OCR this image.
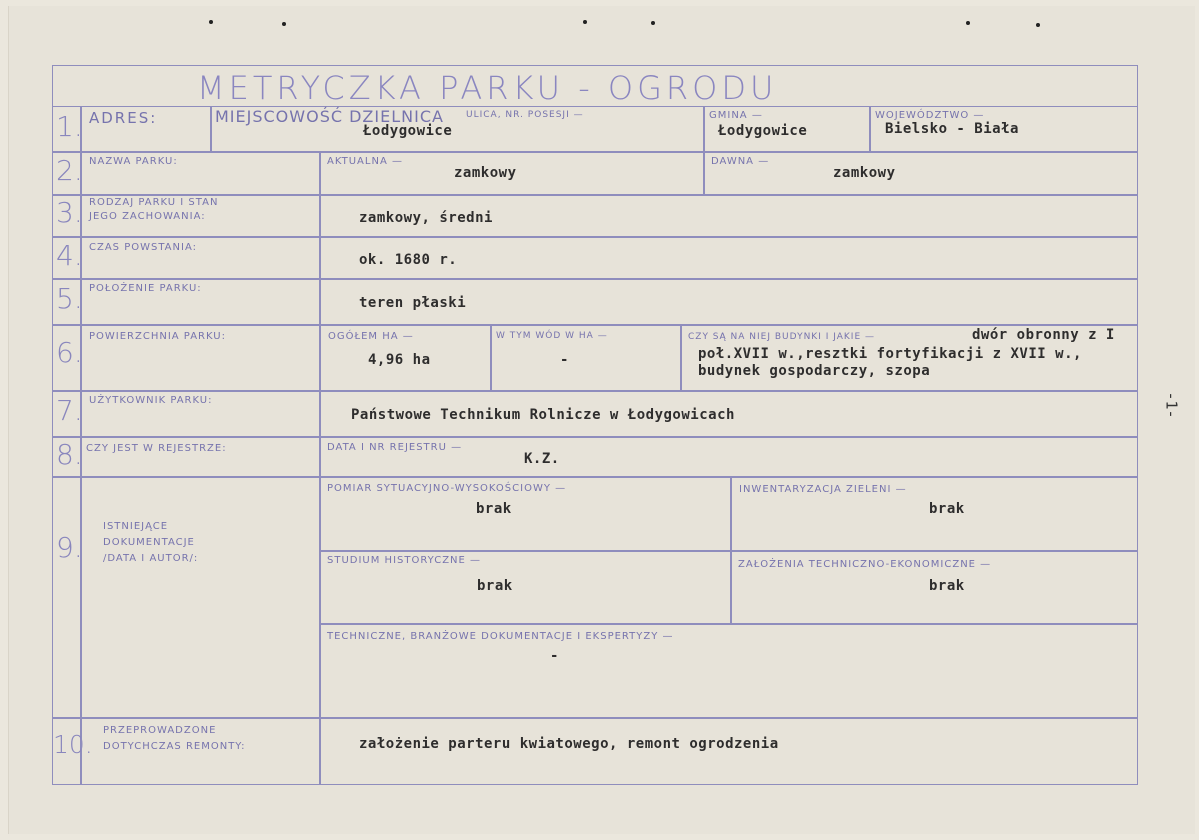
METRYCZKA PARKU - OGRODU
1. ADRES:	MIEJSCOWOŚĆ DZIELNICA ULICA, NR. POSESJI —
Łodygowice
GMINA —
Łodygowice
WOJEWÓDZTWO —
Bielsko - Biała
2. NAZWA PARKU:	AKTUALNA —
zamkowy
DAWNA —
zamkowy
3. RODZAJ PARKU I STAN
JEGO ZACHOWANIA:	zamkowy, średni
4. CZAS POWSTANIA:
ok. 1680 r.
5. POŁOŻENIE PARKU:
teren płaski
6. POWIERZCHNIA PARKU:	OGÓŁEM HA —
4,96 ha
W TYM WÓD W HA —
-
CZY SĄ NA NIEJ BUDYNKI I JAKIE —	dwór obronny z I
poł.XVII w.,resztki fortyfikacji z XVII w.,
budynek gospodarczy, szopa
7. UŻYTKOWNIK PARKU:
Państwowe Technikum Rolnicze w Łodygowicach
8. CZY JEST W REJESTRZE:	DATA I NR REJESTRU —
K.Z.
9.
ISTNIEJĄCE
DOKUMENTACJE
/DATA I AUTOR/:
POMIAR SYTUACYJNO-WYSOKOŚCIOWY —
brak
INWENTARYZACJA ZIELENI —
brak
STUDIUM HISTORYCZNE —
brak
ZAŁOŻENIA TECHNICZNO-EKONOMICZNE —
brak
TECHNICZNE, BRANŻOWE DOKUMENTACJE I EKSPERTYZY —
-
10. PRZEPROWADZONE
DOTYCHCZAS REMONTY:	założenie parteru kwiatowego, remont ogrodzenia
-1-
